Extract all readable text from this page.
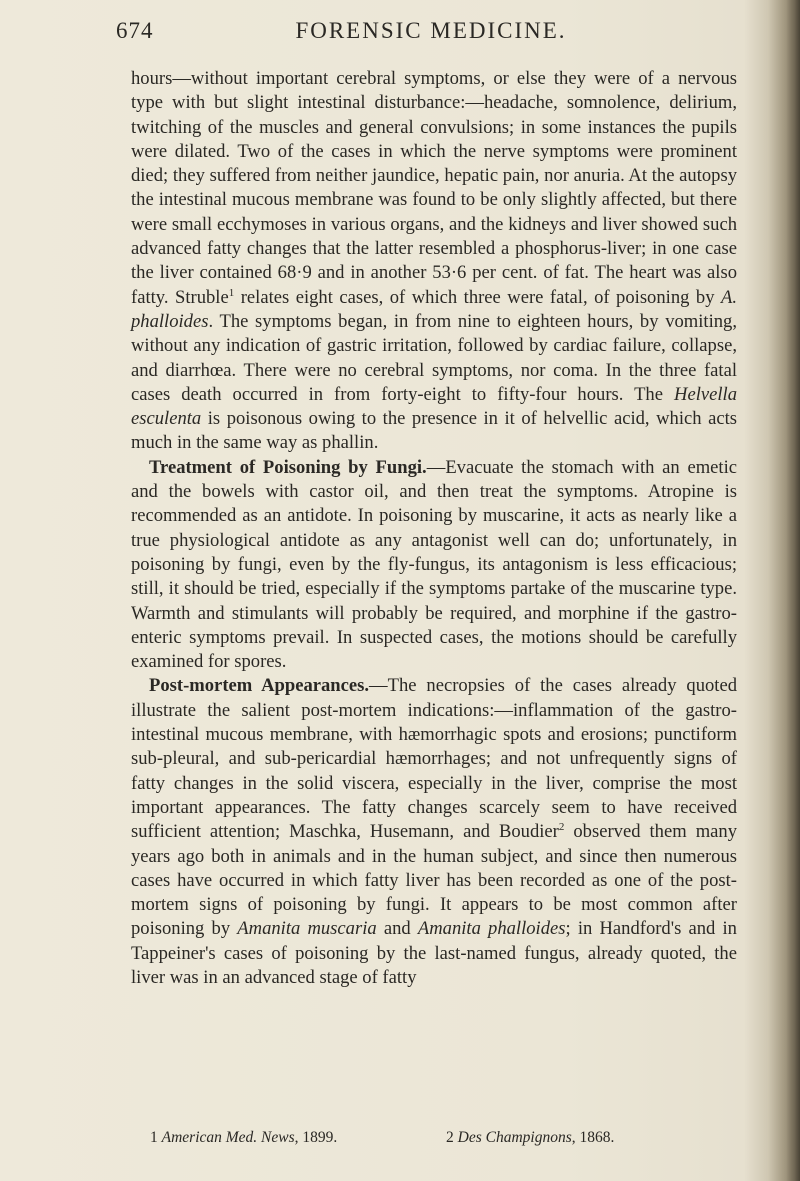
674	FORENSIC MEDICINE.

hours—without important cerebral symptoms, or else they were of a nervous type with but slight intestinal disturbance:—headache, somnolence, delirium, twitching of the muscles and general convulsions; in some instances the pupils were dilated. Two of the cases in which the nerve symptoms were prominent died; they suffered from neither jaundice, hepatic pain, nor anuria. At the autopsy the intestinal mucous membrane was found to be only slightly affected, but there were small ecchymoses in various organs, and the kidneys and liver showed such advanced fatty changes that the latter resembled a phosphorus-liver; in one case the liver contained 68·9 and in another 53·6 per cent. of fat. The heart was also fatty. Struble$^1$ relates eight cases, of which three were fatal, of poisoning by A. phalloides. The symptoms began, in from nine to eighteen hours, by vomiting, without any indication of gastric irritation, followed by cardiac failure, collapse, and diarrhœa. There were no cerebral symptoms, nor coma. In the three fatal cases death occurred in from forty-eight to fifty-four hours. The Helvella esculenta is poisonous owing to the presence in it of helvellic acid, which acts much in the same way as phallin.

Treatment of Poisoning by Fungi.—Evacuate the stomach with an emetic and the bowels with castor oil, and then treat the symptoms. Atropine is recommended as an antidote. In poisoning by muscarine, it acts as nearly like a true physiological antidote as any antagonist well can do; unfortunately, in poisoning by fungi, even by the fly-fungus, its antagonism is less efficacious; still, it should be tried, especially if the symptoms partake of the muscarine type. Warmth and stimulants will probably be required, and morphine if the gastro-enteric symptoms prevail. In suspected cases, the motions should be carefully examined for spores.

Post-mortem Appearances.—The necropsies of the cases already quoted illustrate the salient post-mortem indications:—inflammation of the gastro-intestinal mucous membrane, with hæmorrhagic spots and erosions; punctiform sub-pleural, and sub-pericardial hæmorrhages; and not unfrequently signs of fatty changes in the solid viscera, especially in the liver, comprise the most important appearances. The fatty changes scarcely seem to have received sufficient attention; Maschka, Husemann, and Boudier$^2$ observed them many years ago both in animals and in the human subject, and since then numerous cases have occurred in which fatty liver has been recorded as one of the post-mortem signs of poisoning by fungi. It appears to be most common after poisoning by Amanita muscaria and Amanita phalloides; in Handford's and in Tappeiner's cases of poisoning by the last-named fungus, already quoted, the liver was in an advanced stage of fatty

1 American Med. News, 1899.	2 Des Champignons, 1868.
